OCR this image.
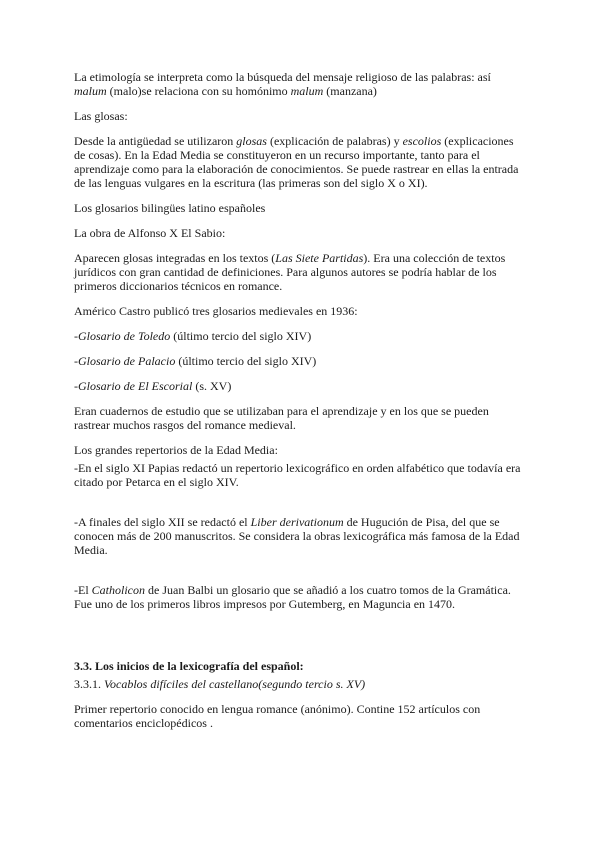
La etimología se interpreta como la búsqueda del mensaje religioso de las palabras: así
malum (malo)se relaciona con su homónimo malum (manzana)

Las glosas:

Desde la antigüedad se utilizaron glosas (explicación de palabras) y escolios (explicaciones de cosas). En la Edad Media se constituyeron en un recurso importante, tanto para el aprendizaje como para la elaboración de conocimientos. Se puede rastrear en ellas la entrada de las lenguas vulgares en la escritura (las primeras son del siglo X o XI).

Los glosarios bilingües latino españoles

La obra de Alfonso X El Sabio:

Aparecen glosas integradas en los textos (Las Siete Partidas). Era una colección de textos jurídicos con gran cantidad de definiciones. Para algunos autores se podría hablar de los primeros diccionarios técnicos en romance.

Américo Castro publicó tres glosarios medievales en 1936:

-Glosario de Toledo (último tercio del siglo XIV)

-Glosario de Palacio (último tercio del siglo XIV)

-Glosario de El Escorial (s. XV)

Eran cuadernos de estudio que se utilizaban para el aprendizaje y en los que se pueden rastrear muchos rasgos del romance medieval.

Los grandes repertorios de la Edad Media:

-En el siglo XI Papias redactó un repertorio lexicográfico en orden alfabético que todavía era citado por Petarca en el siglo XIV.

-A finales del siglo XII se redactó el Liber derivationum de Hugución de Pisa, del que se conocen más de 200 manuscritos. Se considera la obras lexicográfica más famosa de la Edad Media.

-El Catholicon de Juan Balbi un glosario que se añadió a los cuatro tomos de la Gramática. Fue uno de los primeros libros impresos por Gutemberg, en Maguncia en 1470.

3.3. Los inicios de la lexicografía del español:

3.3.1. Vocablos difíciles del castellano(segundo tercio s. XV)

Primer repertorio conocido en lengua romance (anónimo). Contine 152 artículos con comentarios enciclopédicos .
